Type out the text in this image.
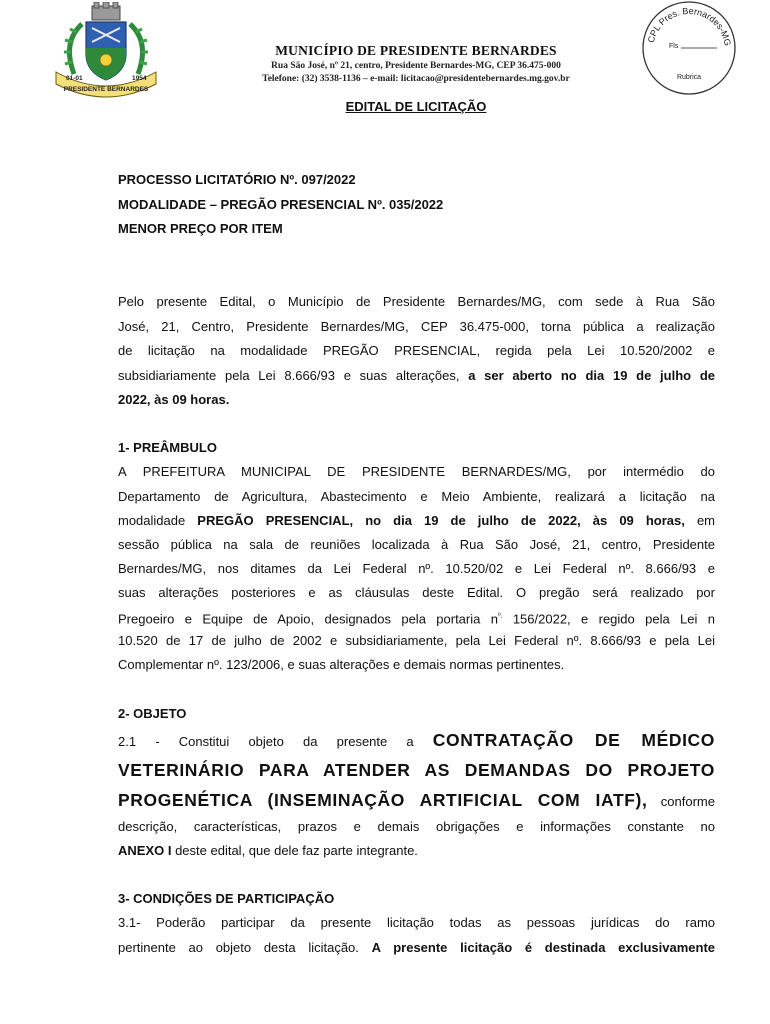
01-01	1954
PRESIDENTE BERNARDES
MUNICÍPIO DE PRESIDENTE BERNARDES
Rua São José, nº 21, centro, Presidente Bernardes-MG, CEP 36.475-000
Telefone: (32) 3538-1136 – e-mail: licitacao@presidentebernardes.mg.gov.br
CPL Pres. Bernardes-MG
Fls
Rubrica
EDITAL DE LICITAÇÃO
PROCESSO LICITATÓRIO Nº. 097/2022
MODALIDADE – PREGÃO PRESENCIAL Nº. 035/2022
MENOR PREÇO POR ITEM
Pelo presente Edital, o Município de Presidente Bernardes/MG, com sede à Rua São
José, 21, Centro, Presidente Bernardes/MG, CEP 36.475-000, torna pública a realização
de licitação na modalidade PREGÃO PRESENCIAL, regida pela Lei 10.520/2002 e
subsidiariamente pela Lei 8.666/93 e suas alterações, a ser aberto no dia 19 de julho de
2022, às 09 horas.
1- PREÂMBULO
A PREFEITURA MUNICIPAL DE PRESIDENTE BERNARDES/MG, por intermédio do
Departamento de Agricultura, Abastecimento e Meio Ambiente, realizará a licitação na
modalidade PREGÃO PRESENCIAL, no dia 19 de julho de 2022, às 09 horas, em
sessão pública na sala de reuniões localizada à Rua São José, 21, centro, Presidente
Bernardes/MG, nos ditames da Lei Federal nº. 10.520/02 e Lei Federal nº. 8.666/93 e
suas alterações posteriores e as cláusulas deste Edital. O pregão será realizado por
Pregoeiro e Equipe de Apoio, designados pela portaria $n^{º.}$ 156/2022, e regido pela Lei n
10.520 de 17 de julho de 2002 e subsidiariamente, pela Lei Federal nº. 8.666/93 e pela Lei
Complementar nº. 123/2006, e suas alterações e demais normas pertinentes.
2- OBJETO
2.1 - Constitui objeto da presente a CONTRATAÇÃO DE MÉDICO
VETERINÁRIO PARA ATENDER AS DEMANDAS DO PROJETO
PROGENÉTICA (INSEMINAÇÃO ARTIFICIAL COM IATF), conforme
descrição, características, prazos e demais obrigações e informações constante no
ANEXO I deste edital, que dele faz parte integrante.
3- CONDIÇÕES DE PARTICIPAÇÃO
3.1- Poderão participar da presente licitação todas as pessoas jurídicas do ramo
pertinente ao objeto desta licitação. A presente licitação é destinada exclusivamente
